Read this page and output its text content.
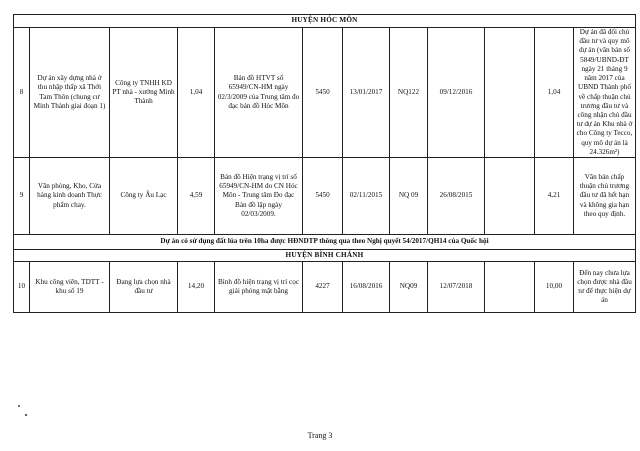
HUYỆN HÓC MÔN											
8	Dự án xây dựng nhà ở thu nhập thấp xã Thới Tam Thôn (chung cư Minh Thành giai đoạn 1)	Công ty TNHH KD PT nhà - xưởng Minh Thành	1,04	Bản đồ HTVT số 65949/CN-HM ngày 02/3/2009 của Trung tâm đo đạc bản đồ Hóc Môn		5450	13/01/2017	NQ122	09/12/2016		1,04	Dự án đã đổi chủ đầu tư và quy mô dự án (văn bản số 5849/UBND-ĐT ngày 21 tháng 9 năm 2017 của UBND Thành phố về chấp thuận chủ trương đầu tư và công nhận chủ đầu tư dự án Khu nhà ở cho Công ty Tecco, quy mô dự án là 24.326m²)
9	Văn phòng, Kho, Cửa hàng kinh doanh Thực phẩm chay.	Công ty Âu Lạc	4,59	Bản đồ Hiện trạng vị trí số 65949/CN-HM do CN Hóc Môn - Trung tâm Đo đạc Bản đồ lập ngày 02/03/2009.		5450	02/11/2015	NQ 09	26/08/2015		4,21	Văn bản chấp thuận chủ trương đầu tư đã hết hạn và không gia hạn theo quy định.
Dự án có sử dụng đất lúa trên 10ha được HĐNDTP thông qua theo Nghị quyết 54/2017/QH14 của Quốc hội											
HUYỆN BÌNH CHÁNH											
10	Khu công viên, TDTT - khu số 19	Đang lựa chọn nhà đầu tư	14,20	Bình đồ hiện trạng vị trí cọc giải phóng mặt bằng		4227	16/08/2016	NQ09	12/07/2018		10,00	Đến nay chưa lựa chọn được nhà đầu tư để thực hiện dự án
Trang 3
